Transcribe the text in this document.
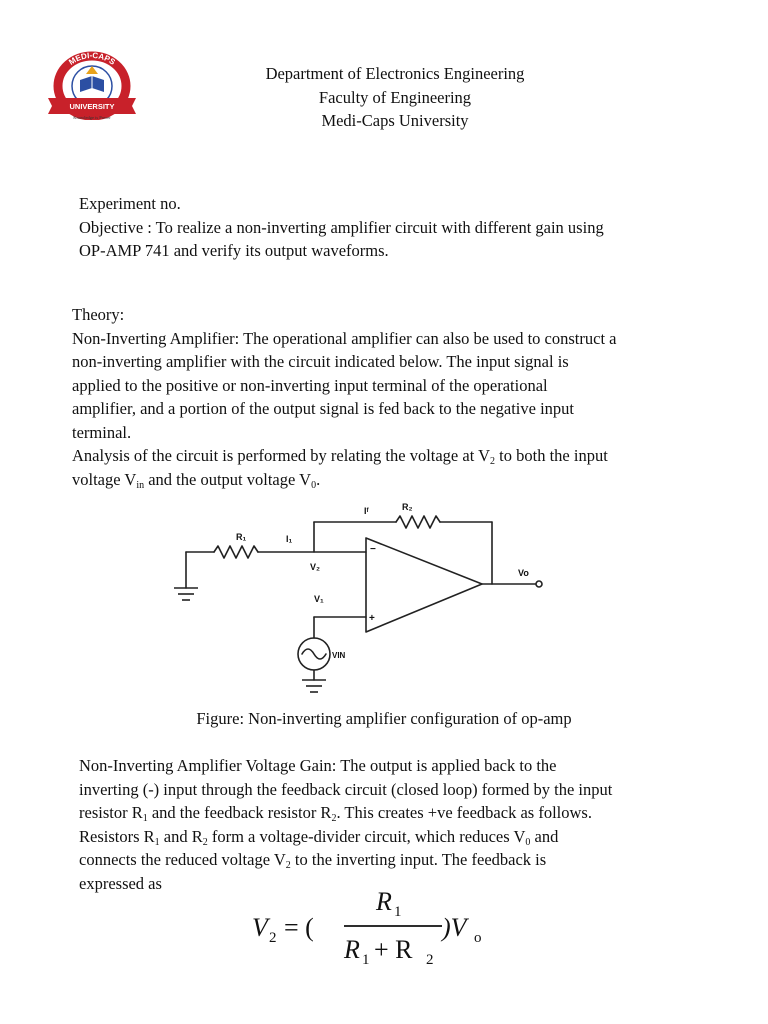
MEDI-CAPS
UNIVERSITY
Knowledge is Power
Department of Electronics Engineering
Faculty of Engineering
Medi-Caps University
Experiment no.
Objective : To realize a non-inverting amplifier circuit with different gain using
OP-AMP 741 and verify its output waveforms.
Theory:
Non-Inverting Amplifier: The operational amplifier can also be used to construct a
non-inverting amplifier with the circuit indicated below. The input signal is
applied to the positive or non-inverting input terminal of the operational
amplifier, and a portion of the output signal is fed back to the negative input
terminal.
Analysis of the circuit is performed by relating the voltage at $V_2$ to both the input
voltage $V_{in}$ and the output voltage $V_0$.
R₁	I₁
Iᶠ	R₂
V₂
V₁
Vo
VIN
−
+
Figure: Non-inverting amplifier configuration of op-amp
Non-Inverting Amplifier Voltage Gain: The output is applied back to the
inverting (-) input through the feedback circuit (closed loop) formed by the input
resistor $R_1$ and the feedback resistor $R_2$. This creates +ve feedback as follows.
Resistors $R_1$ and $R_2$ form a voltage-divider circuit, which reduces $V_0$ and
connects the reduced voltage $V_2$ to the inverting input. The feedback is
expressed as
V 2 = (
R 1
R 1 + R 2
)V o
